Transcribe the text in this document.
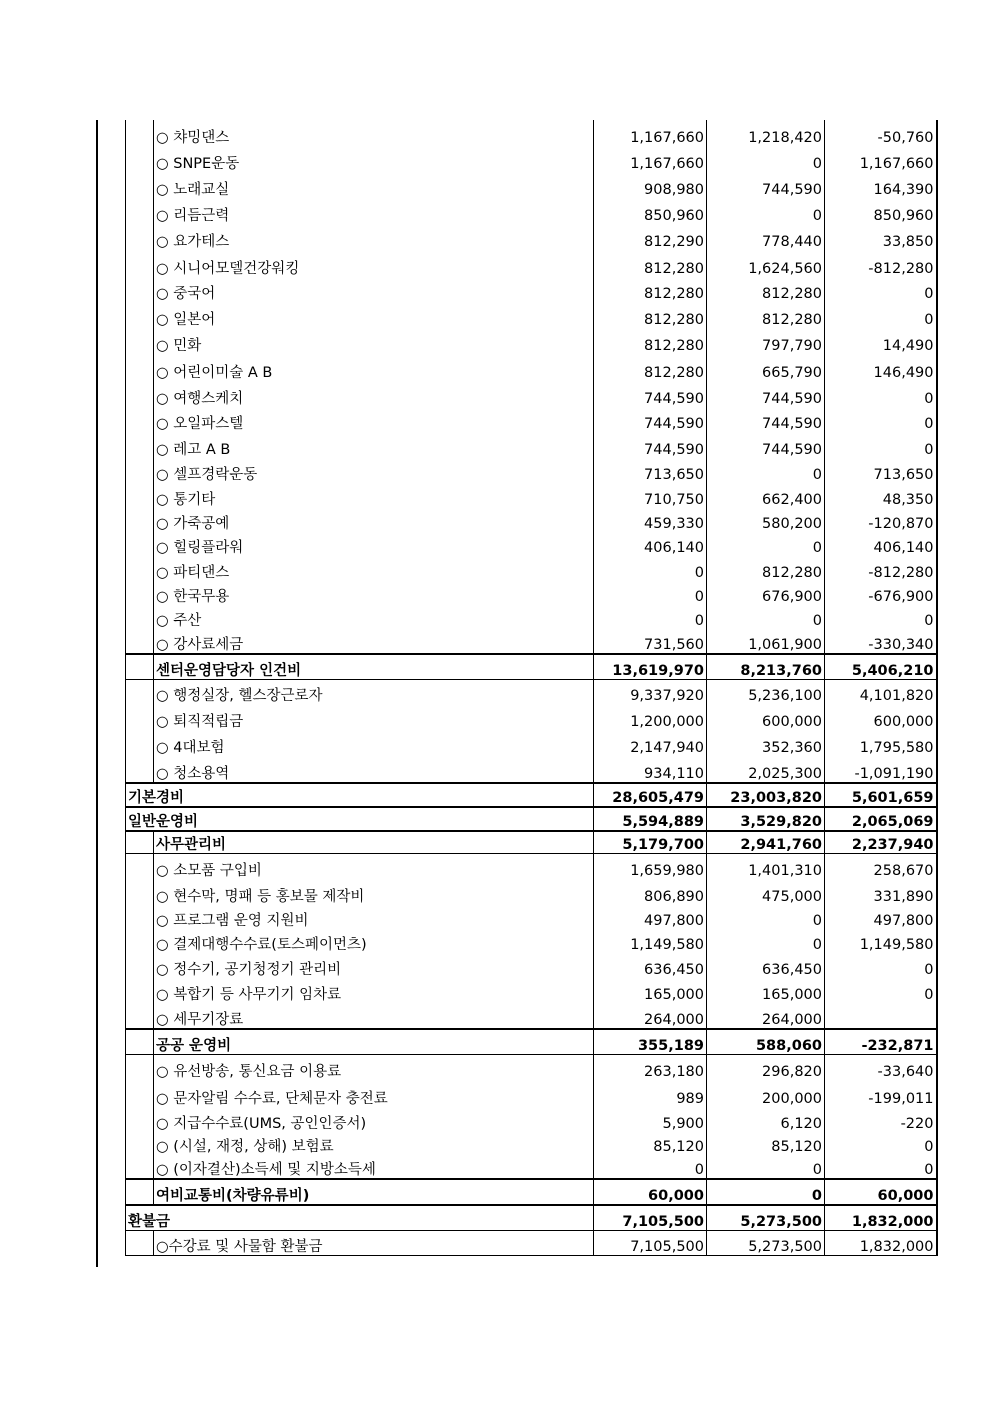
	○ 챠밍댄스	1,167,660	1,218,420	-50,760
	○ SNPE운동	1,167,660	0	1,167,660
	○ 노래교실	908,980	744,590	164,390
	○ 리듬근력	850,960	0	850,960
	○ 요가테스	812,290	778,440	33,850
	○ 시니어모델건강워킹	812,280	1,624,560	-812,280
	○ 중국어	812,280	812,280	0
	○ 일본어	812,280	812,280	0
	○ 민화	812,280	797,790	14,490
	○ 어린이미술 A B	812,280	665,790	146,490
	○ 여행스케치	744,590	744,590	0
	○ 오일파스텔	744,590	744,590	0
	○ 레고 A B	744,590	744,590	0
	○ 셀프경락운동	713,650	0	713,650
	○ 통기타	710,750	662,400	48,350
	○ 가죽공예	459,330	580,200	-120,870
	○ 힐링플라워	406,140	0	406,140
	○ 파티댄스	0	812,280	-812,280
	○ 한국무용	0	676,900	-676,900
	○ 주산	0	0	0
	○ 강사료세금	731,560	1,061,900	-330,340
	센터운영담당자 인건비	13,619,970	8,213,760	5,406,210
	○ 행정실장, 헬스장근로자	9,337,920	5,236,100	4,101,820
	○ 퇴직적립금	1,200,000	600,000	600,000
	○ 4대보험	2,147,940	352,360	1,795,580
	○ 청소용역	934,110	2,025,300	-1,091,190
기본경비		28,605,479	23,003,820	5,601,659
일반운영비		5,594,889	3,529,820	2,065,069
	사무관리비	5,179,700	2,941,760	2,237,940
	○ 소모품 구입비	1,659,980	1,401,310	258,670
	○ 현수막, 명패 등 홍보물 제작비	806,890	475,000	331,890
	○ 프로그램 운영 지원비	497,800	0	497,800
	○ 결제대행수수료(토스페이먼츠)	1,149,580	0	1,149,580
	○ 정수기, 공기청정기 관리비	636,450	636,450	0
	○ 복합기 등 사무기기 임차료	165,000	165,000	0
	○ 세무기장료	264,000	264,000	
	공공 운영비	355,189	588,060	-232,871
	○ 유선방송, 통신요금 이용료	263,180	296,820	-33,640
	○ 문자알림 수수료, 단체문자 충전료	989	200,000	-199,011
	○ 지급수수료(UMS, 공인인증서)	5,900	6,120	-220
	○ (시설, 재정, 상해) 보험료	85,120	85,120	0
	○ (이자결산)소득세 및 지방소득세	0	0	0
	여비교통비(차량유류비)	60,000	0	60,000
환불금		7,105,500	5,273,500	1,832,000
	○수강료 및 사물함 환불금	7,105,500	5,273,500	1,832,000
